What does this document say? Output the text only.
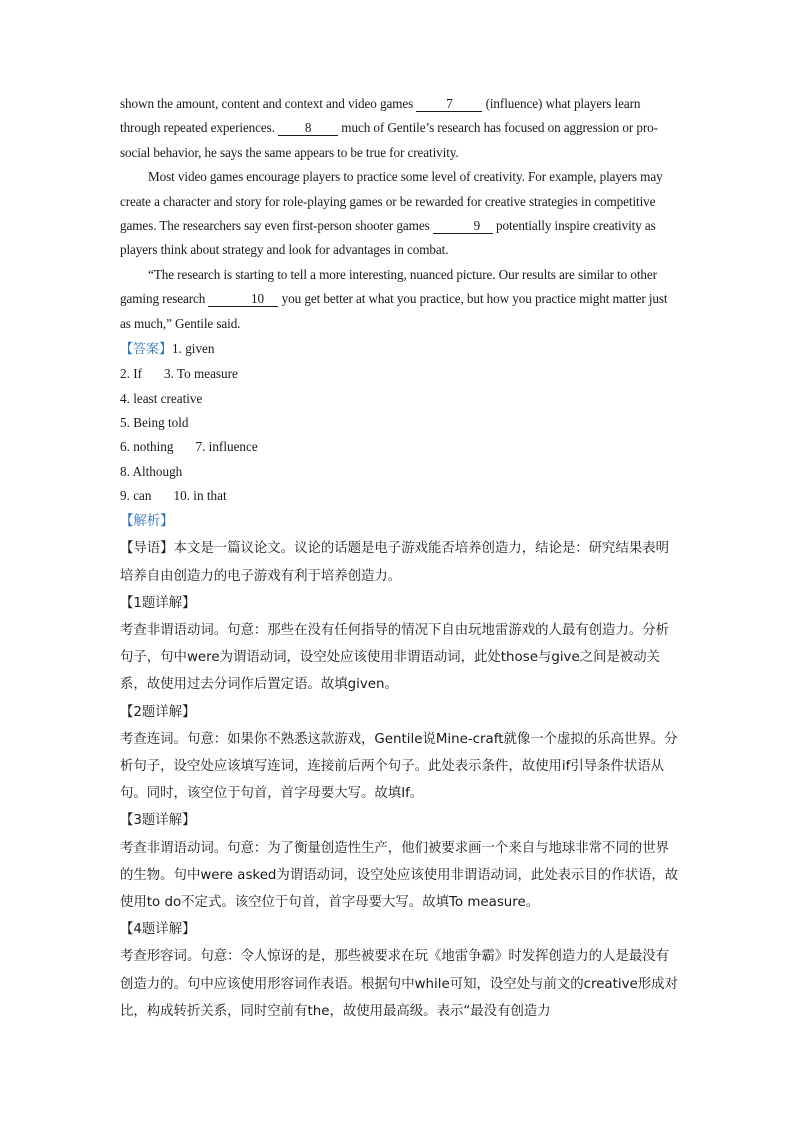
shown the amount, content and context and video games 7 (influence) what players learn through repeated experiences. 8 much of Gentile’s research has focused on aggression or pro-social behavior, he says the same appears to be true for creativity.

Most video games encourage players to practice some level of creativity. For example, players may create a character and story for role-playing games or be rewarded for creative strategies in competitive games. The researchers say even first-person shooter games	9 potentially inspire creativity as players think about strategy and look for advantages in combat.

“The research is starting to tell a more interesting, nuanced picture. Our results are similar to other gaming research	10 you get better at what you practice, but how you practice might matter just as much,” Gentile said.

【答案】1. given
2. If 3. To measure
4. least creative
5. Being told
6. nothing 7. influence
8. Although
9. can 10. in that
【解析】

【导语】本文是一篇议论文。议论的话题是电子游戏能否培养创造力，结论是：研究结果表明培养自由创造力的电子游戏有利于培养创造力。

【1题详解】

考查非谓语动词。句意：那些在没有任何指导的情况下自由玩地雷游戏的人最有创造力。分析句子，句中were为谓语动词，设空处应该使用非谓语动词，此处those与give之间是被动关系，故使用过去分词作后置定语。故填given。

【2题详解】

考查连词。句意：如果你不熟悉这款游戏，Gentile说Mine-craft就像一个虚拟的乐高世界。分析句子，设空处应该填写连词，连接前后两个句子。此处表示条件，故使用if引导条件状语从句。同时，该空位于句首，首字母要大写。故填If。

【3题详解】

考查非谓语动词。句意：为了衡量创造性生产，他们被要求画一个来自与地球非常不同的世界的生物。句中were asked为谓语动词，设空处应该使用非谓语动词，此处表示目的作状语，故使用to do不定式。该空位于句首，首字母要大写。故填To measure。

【4题详解】

考查形容词。句意：令人惊讶的是，那些被要求在玩《地雷争霸》时发挥创造力的人是最没有创造力的。句中应该使用形容词作表语。根据句中while可知，设空处与前文的creative形成对比，构成转折关系，同时空前有the，故使用最高级。表示“最没有创造力
